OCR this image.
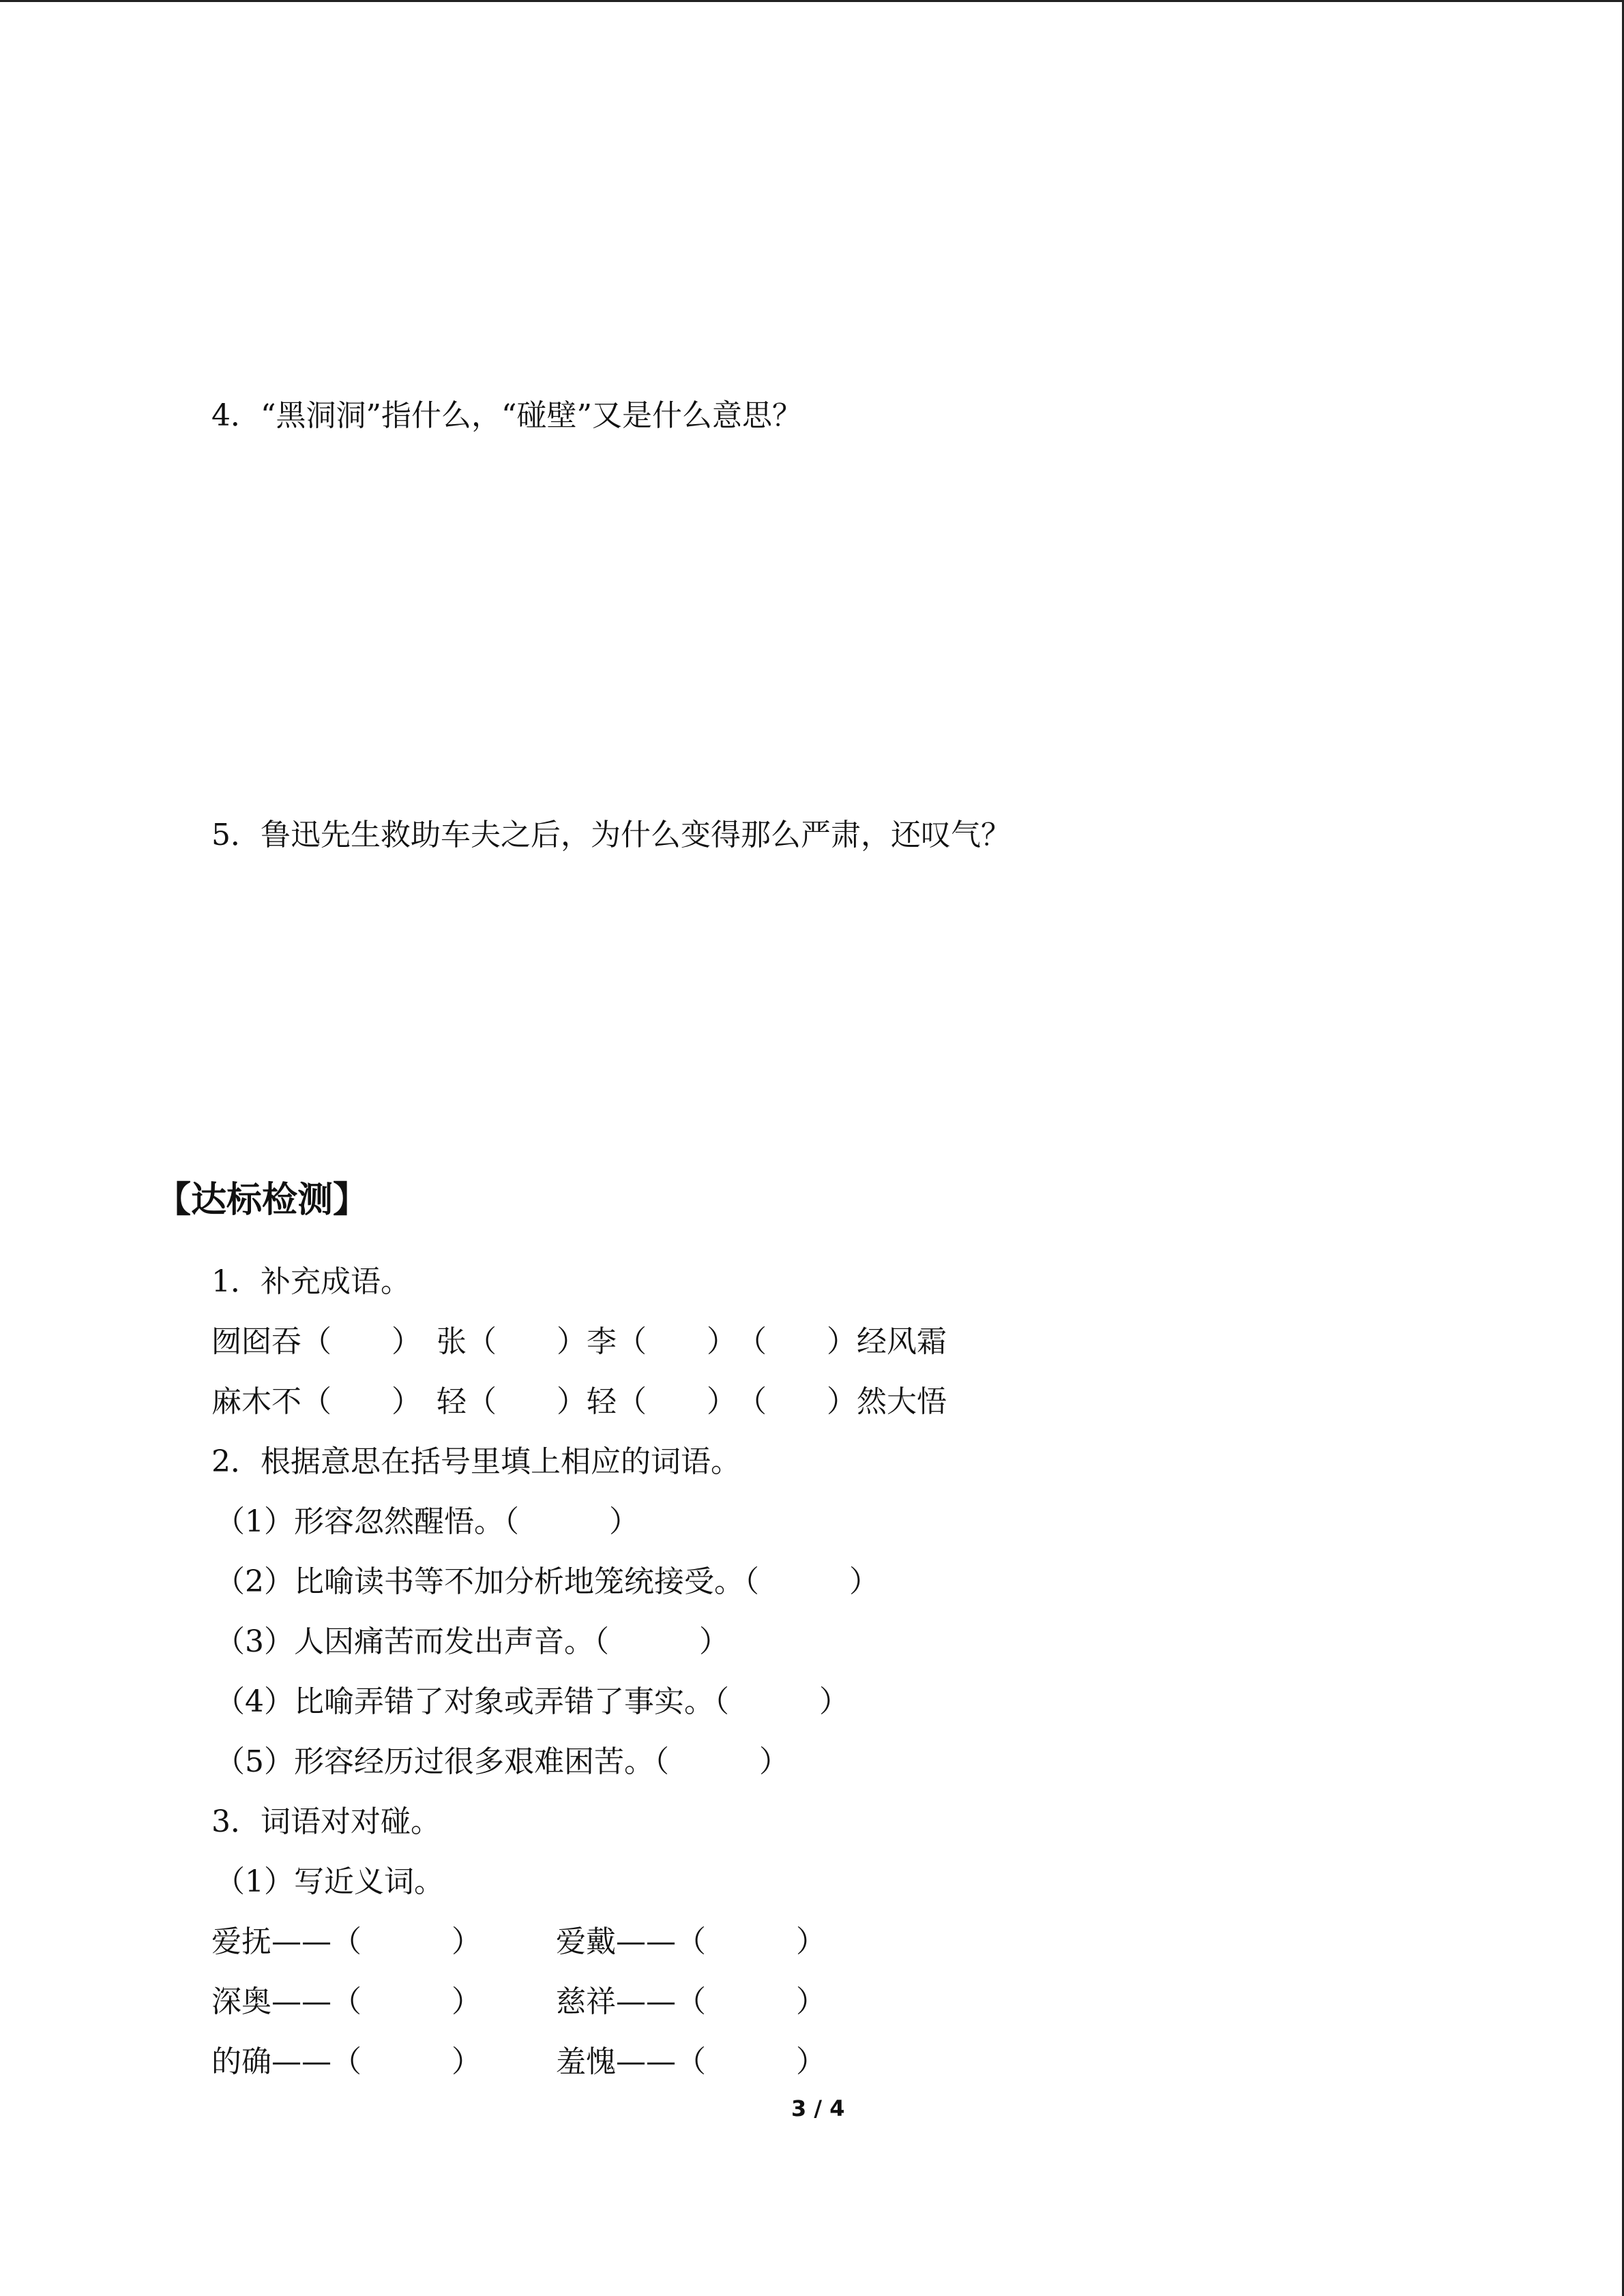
4．“黑洞洞”指什么，“碰壁”又是什么意思？
5．鲁迅先生救助车夫之后，为什么变得那么严肃，还叹气？
【达标检测】
1．补充成语。
囫囵吞（　　）　张（　　）李（　　）　（　　）经风霜
麻木不（　　）　轻（　　）轻（　　）　（　　）然大悟
2．根据意思在括号里填上相应的词语。
（1）形容忽然醒悟。（　　　）
（2）比喻读书等不加分析地笼统接受。（　　　）
（3）人因痛苦而发出声音。（　　　）
（4）比喻弄错了对象或弄错了事实。（　　　）
（5）形容经历过很多艰难困苦。（　　　）
3．词语对对碰。
（1）写近义词。
爱抚——（　　　） 爱戴——（　　　）
深奥——（　　　） 慈祥——（　　　）
的确——（　　　） 羞愧——（　　　）
3 / 4
